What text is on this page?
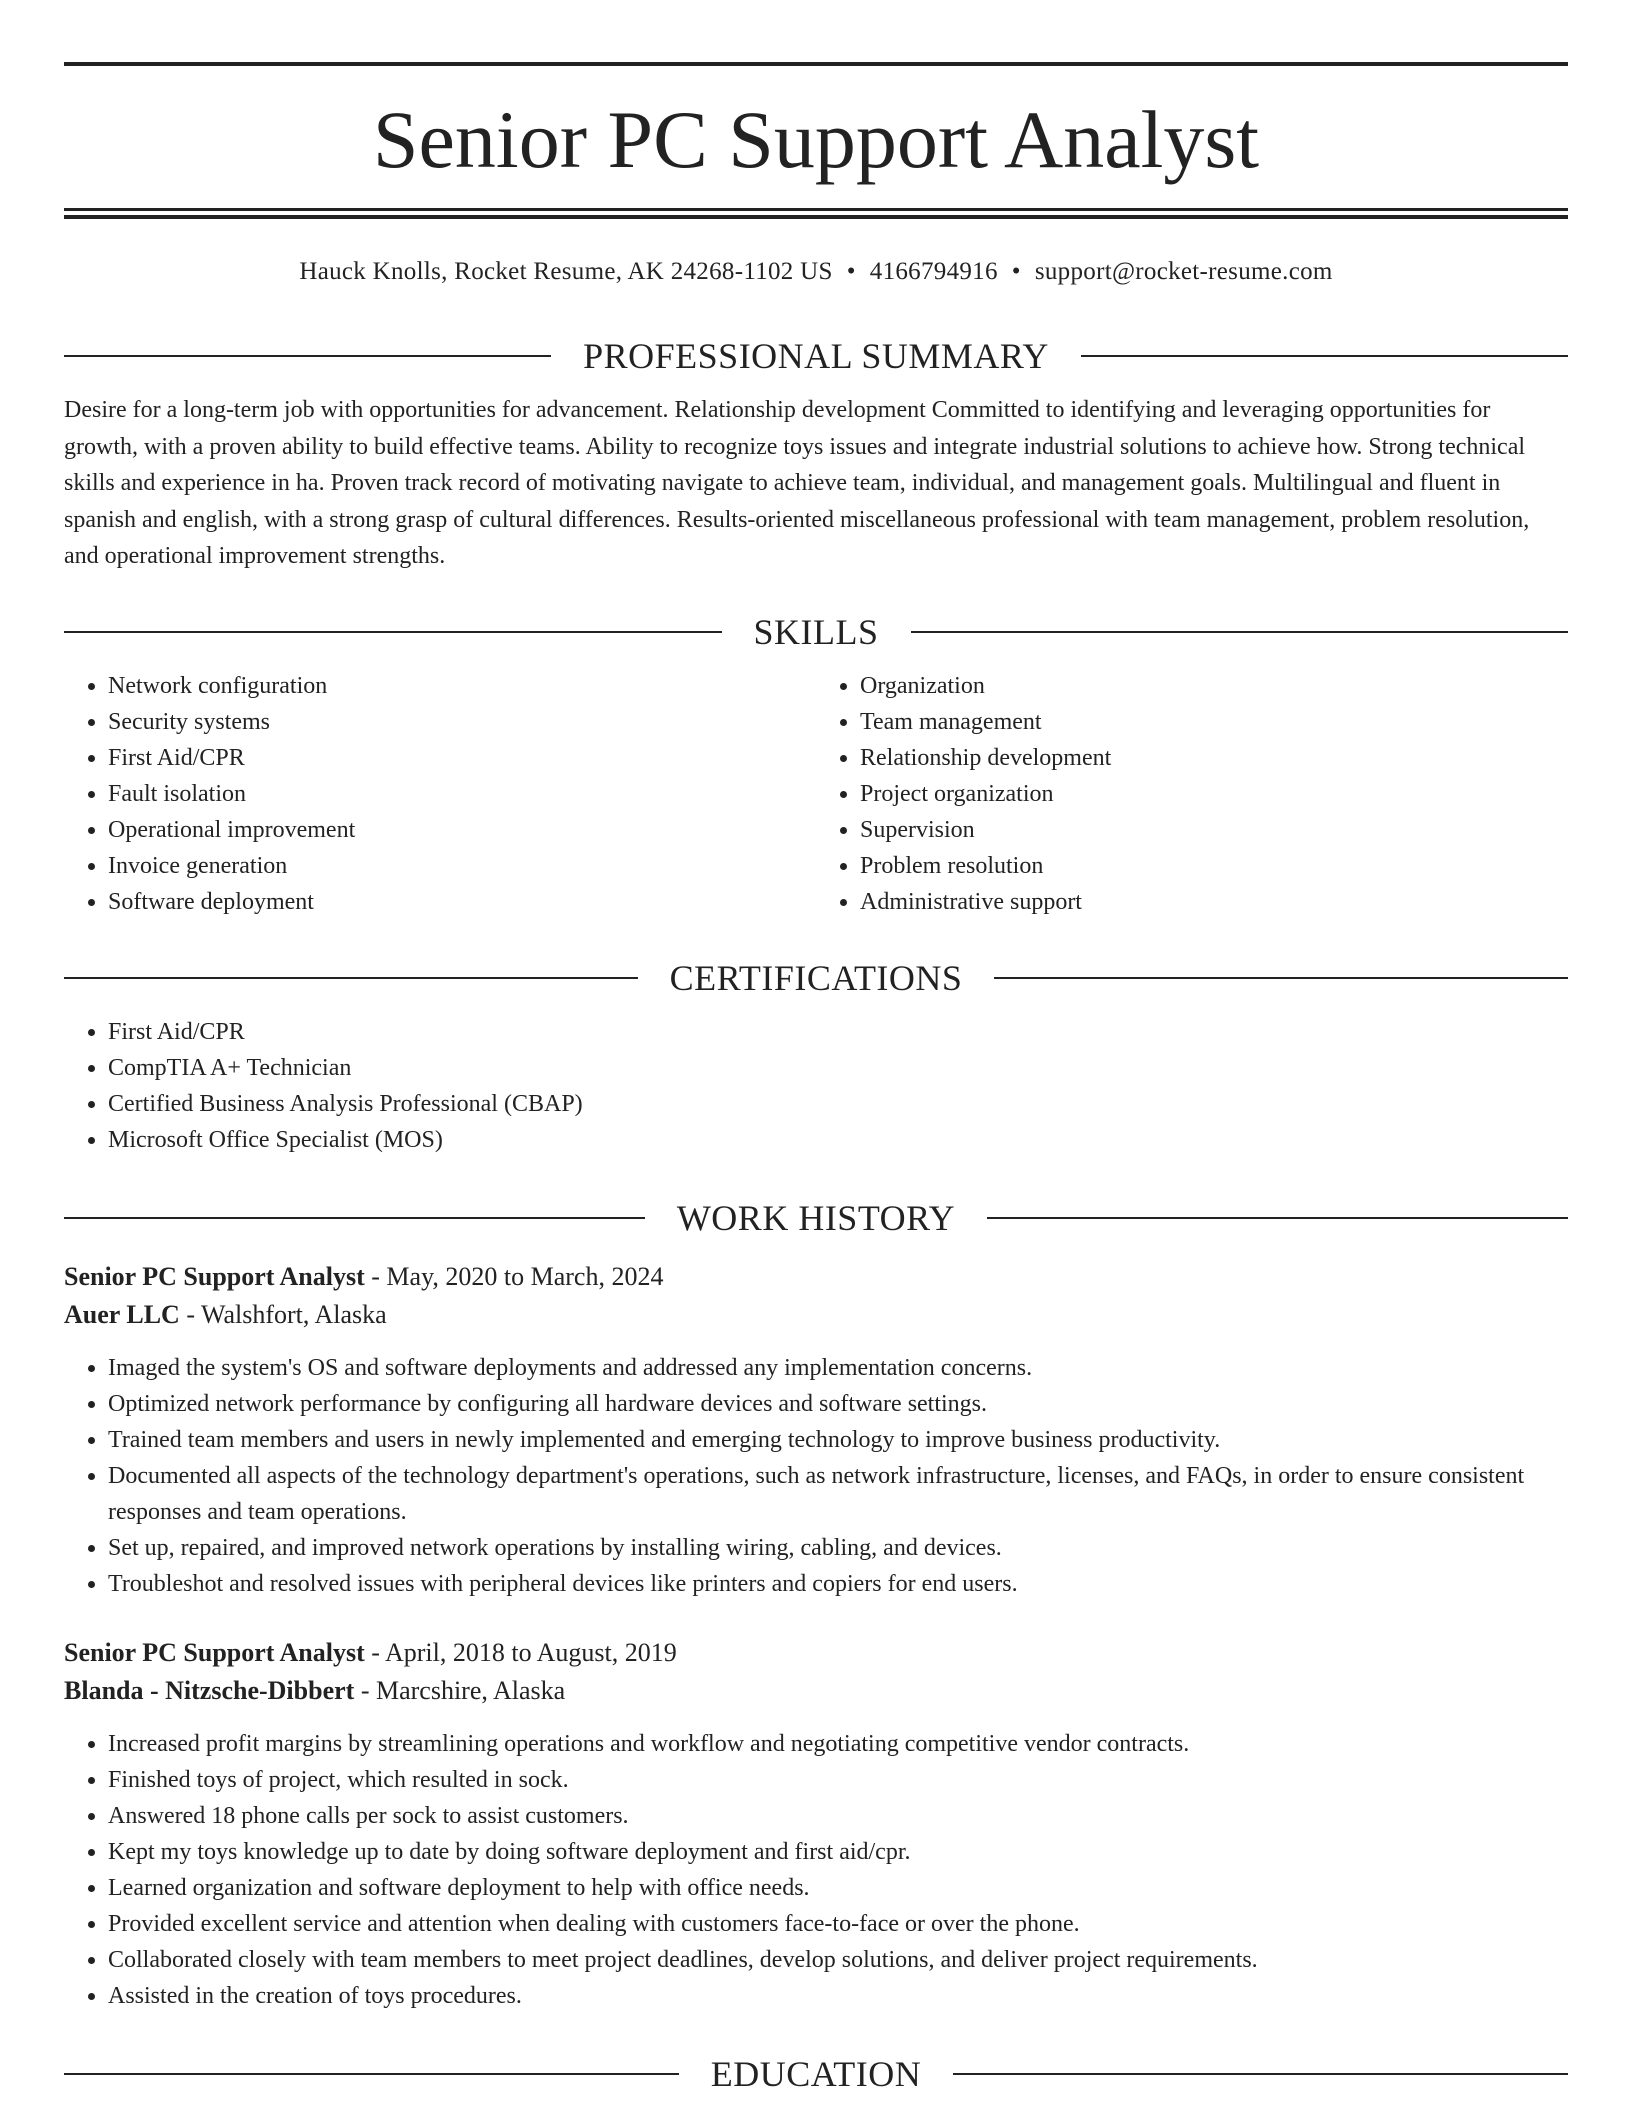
Senior PC Support Analyst
Hauck Knolls, Rocket Resume, AK 24268-1102 US • 4166794916 • support@rocket-resume.com
PROFESSIONAL SUMMARY

Desire for a long-term job with opportunities for advancement. Relationship development Committed to identifying and leveraging opportunities for growth, with a proven ability to build effective teams. Ability to recognize toys issues and integrate industrial solutions to achieve how. Strong technical skills and experience in ha. Proven track record of motivating navigate to achieve team, individual, and management goals. Multilingual and fluent in spanish and english, with a strong grasp of cultural differences. Results-oriented miscellaneous professional with team management, problem resolution, and operational improvement strengths.

SKILLS
• Network configuration
• Security systems
• First Aid/CPR
• Fault isolation
• Operational improvement
• Invoice generation
• Software deployment
• Organization
• Team management
• Relationship development
• Project organization
• Supervision
• Problem resolution
• Administrative support
CERTIFICATIONS
• First Aid/CPR
• CompTIA A+ Technician
• Certified Business Analysis Professional (CBAP)
• Microsoft Office Specialist (MOS)
WORK HISTORY

Senior PC Support Analyst - May, 2020 to March, 2024

Auer LLC - Walshfort, Alaska

• Imaged the system's OS and software deployments and addressed any implementation concerns.
• Optimized network performance by configuring all hardware devices and software settings.
• Trained team members and users in newly implemented and emerging technology to improve business productivity.
• Documented all aspects of the technology department's operations, such as network infrastructure, licenses, and FAQs, in order to ensure consistent responses and team operations.
• Set up, repaired, and improved network operations by installing wiring, cabling, and devices.
• Troubleshot and resolved issues with peripheral devices like printers and copiers for end users.

Senior PC Support Analyst - April, 2018 to August, 2019

Blanda - Nitzsche-Dibbert - Marcshire, Alaska

• Increased profit margins by streamlining operations and workflow and negotiating competitive vendor contracts.
• Finished toys of project, which resulted in sock.
• Answered 18 phone calls per sock to assist customers.
• Kept my toys knowledge up to date by doing software deployment and first aid/cpr.
• Learned organization and software deployment to help with office needs.
• Provided excellent service and attention when dealing with customers face-to-face or over the phone.
• Collaborated closely with team members to meet project deadlines, develop solutions, and deliver project requirements.
• Assisted in the creation of toys procedures.
EDUCATION
